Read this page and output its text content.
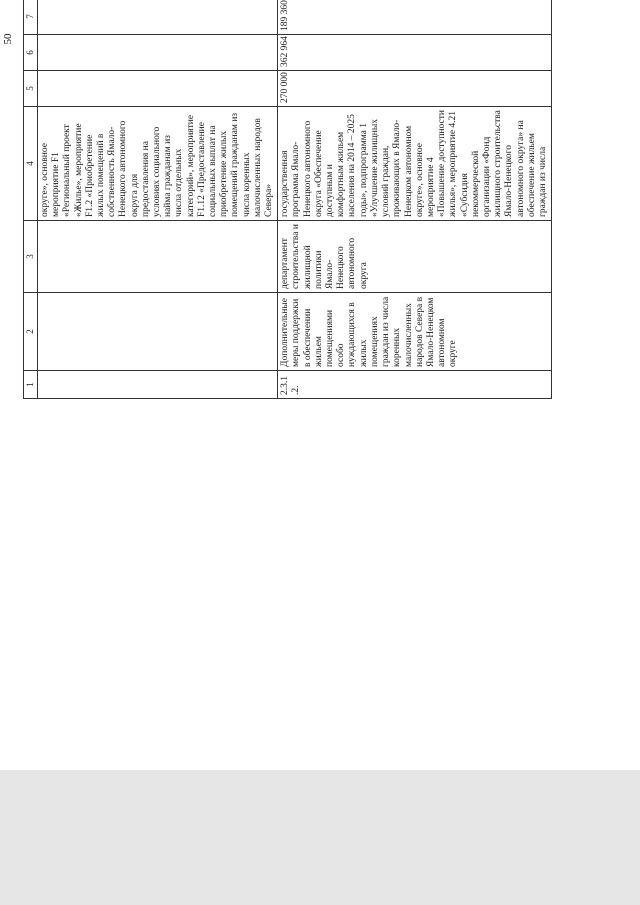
50
1	2	3	4	5	6	7			
			округе», основное мероприятие F1 «Региональный проект «Жилье», мероприятие F1.2 «Приобретение жилых помещений в собственность Ямало-Ненецкого автономного округа для предоставления на условиях социального найма гражданам из числа отдельных категорий», мероприятие F1.12 «Предоставление социальных выплат на приобретение жилых помещений гражданам из числа коренных малочисленных народов Севера»						
2.3.1.2.	Дополнительные меры поддержки в обеспечении жильем помещениями особо нуждающихся в жилых помещениях граждан из числа коренных малочисленных народов Севера в Ямало-Ненецком автономном округе	департамент строительства и жилищной политики Ямало-Ненецкого автономного округа	государственная программа Ямало-Ненецкого автономного округа «Обеспечение доступным и комфортным жильем населения на 2014 – 2025 годы», подпрограмма 1 «Улучшение жилищных условий граждан, проживающих в Ямало-Ненецком автономном округе», основное мероприятие 4 «Повышение доступности жилья», мероприятие 4.21 «Субсидия некоммерческой организации «Фонд жилищного строительства Ямало-Ненецкого автономного округа» на обеспечение жильем граждан из числа	270 000	362 964	189 360			
